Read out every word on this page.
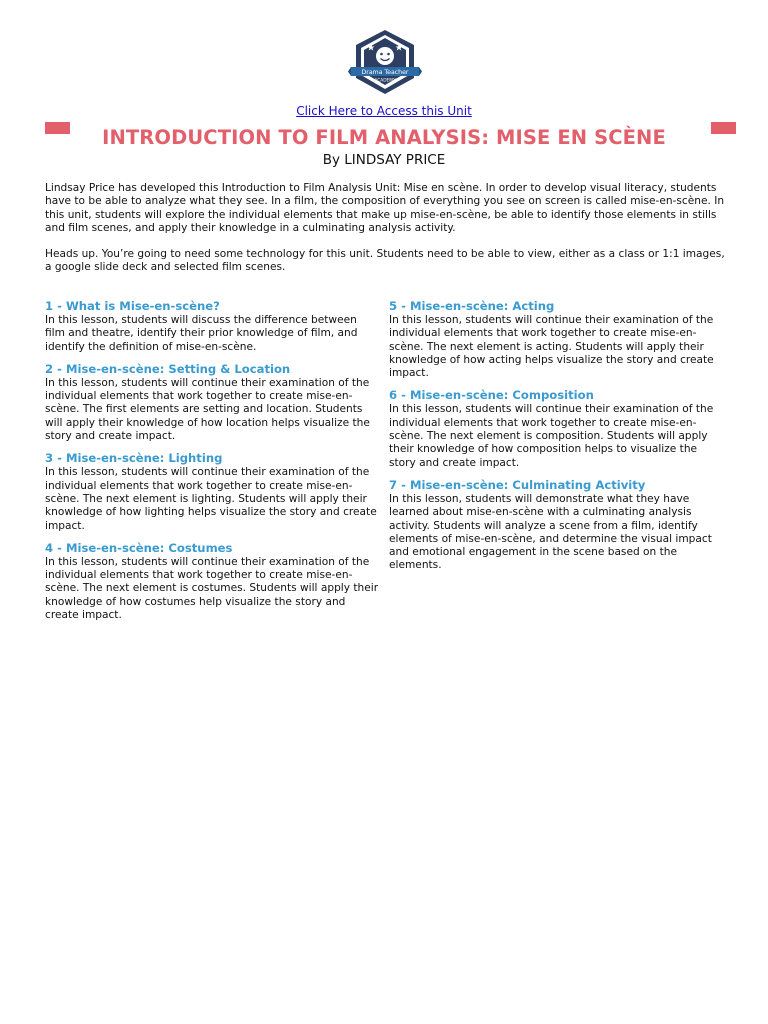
Drama Teacher
ACADEMY
Click Here to Access this Unit
INTRODUCTION TO FILM ANALYSIS: MISE EN SCÈNE
By LINDSAY PRICE

Lindsay Price has developed this Introduction to Film Analysis Unit: Mise en scène. In order to develop visual literacy, students have to be able to analyze what they see. In a film, the composition of everything you see on screen is called mise-en-scène. In this unit, students will explore the individual elements that make up mise-en-scène, be able to identify those elements in stills and film scenes, and apply their knowledge in a culminating analysis activity.

Heads up. You’re going to need some technology for this unit. Students need to be able to view, either as a class or 1:1 images, a google slide deck and selected film scenes.

1 - What is Mise-en-scène?

In this lesson, students will discuss the difference between film and theatre, identify their prior knowledge of film, and identify the definition of mise-en-scène.

2 - Mise-en-scène: Setting & Location

In this lesson, students will continue their examination of the individual elements that work together to create mise-en-scène. The first elements are setting and location. Students will apply their knowledge of how location helps visualize the story and create impact.

3 - Mise-en-scène: Lighting

In this lesson, students will continue their examination of the individual elements that work together to create mise-en-scène. The next element is lighting. Students will apply their knowledge of how lighting helps visualize the story and create impact.

4 - Mise-en-scène: Costumes

In this lesson, students will continue their examination of the individual elements that work together to create mise-en-scène. The next element is costumes. Students will apply their knowledge of how costumes help visualize the story and create impact.

5 - Mise-en-scène: Acting

In this lesson, students will continue their examination of the individual elements that work together to create mise-en-scène. The next element is acting. Students will apply their knowledge of how acting helps visualize the story and create impact.

6 - Mise-en-scène: Composition

In this lesson, students will continue their examination of the individual elements that work together to create mise-en-scène. The next element is composition. Students will apply their knowledge of how composition helps to visualize the story and create impact.

7 - Mise-en-scène: Culminating Activity

In this lesson, students will demonstrate what they have learned about mise-en-scène with a culminating analysis activity. Students will analyze a scene from a film, identify elements of mise-en-scène, and determine the visual impact and emotional engagement in the scene based on the elements.
